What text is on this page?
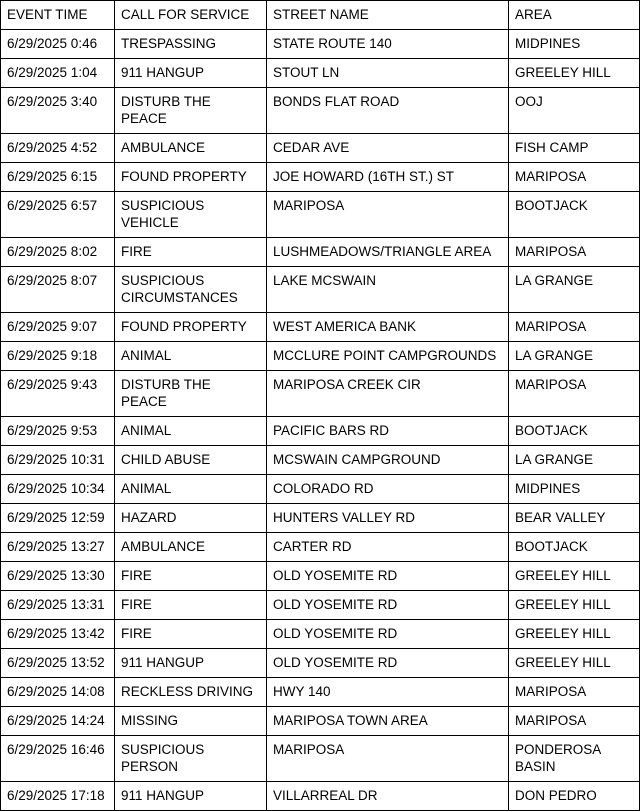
EVENT TIME	CALL FOR SERVICE	STREET NAME	AREA
6/29/2025 0:46	TRESPASSING	STATE ROUTE 140	MIDPINES
6/29/2025 1:04	911 HANGUP	STOUT LN	GREELEY HILL
6/29/2025 3:40	DISTURB THE PEACE	BONDS FLAT ROAD	OOJ
6/29/2025 4:52	AMBULANCE	CEDAR AVE	FISH CAMP
6/29/2025 6:15	FOUND PROPERTY	JOE HOWARD (16TH ST.) ST	MARIPOSA
6/29/2025 6:57	SUSPICIOUS VEHICLE	MARIPOSA	BOOTJACK
6/29/2025 8:02	FIRE	LUSHMEADOWS/TRIANGLE AREA	MARIPOSA
6/29/2025 8:07	SUSPICIOUS CIRCUMSTANCES	LAKE MCSWAIN	LA GRANGE
6/29/2025 9:07	FOUND PROPERTY	WEST AMERICA BANK	MARIPOSA
6/29/2025 9:18	ANIMAL	MCCLURE POINT CAMPGROUNDS	LA GRANGE
6/29/2025 9:43	DISTURB THE PEACE	MARIPOSA CREEK CIR	MARIPOSA
6/29/2025 9:53	ANIMAL	PACIFIC BARS RD	BOOTJACK
6/29/2025 10:31	CHILD ABUSE	MCSWAIN CAMPGROUND	LA GRANGE
6/29/2025 10:34	ANIMAL	COLORADO RD	MIDPINES
6/29/2025 12:59	HAZARD	HUNTERS VALLEY RD	BEAR VALLEY
6/29/2025 13:27	AMBULANCE	CARTER RD	BOOTJACK
6/29/2025 13:30	FIRE	OLD YOSEMITE RD	GREELEY HILL
6/29/2025 13:31	FIRE	OLD YOSEMITE RD	GREELEY HILL
6/29/2025 13:42	FIRE	OLD YOSEMITE RD	GREELEY HILL
6/29/2025 13:52	911 HANGUP	OLD YOSEMITE RD	GREELEY HILL
6/29/2025 14:08	RECKLESS DRIVING	HWY 140	MARIPOSA
6/29/2025 14:24	MISSING	MARIPOSA TOWN AREA	MARIPOSA
6/29/2025 16:46	SUSPICIOUS PERSON	MARIPOSA	PONDEROSA BASIN
6/29/2025 17:18	911 HANGUP	VILLARREAL DR	DON PEDRO
